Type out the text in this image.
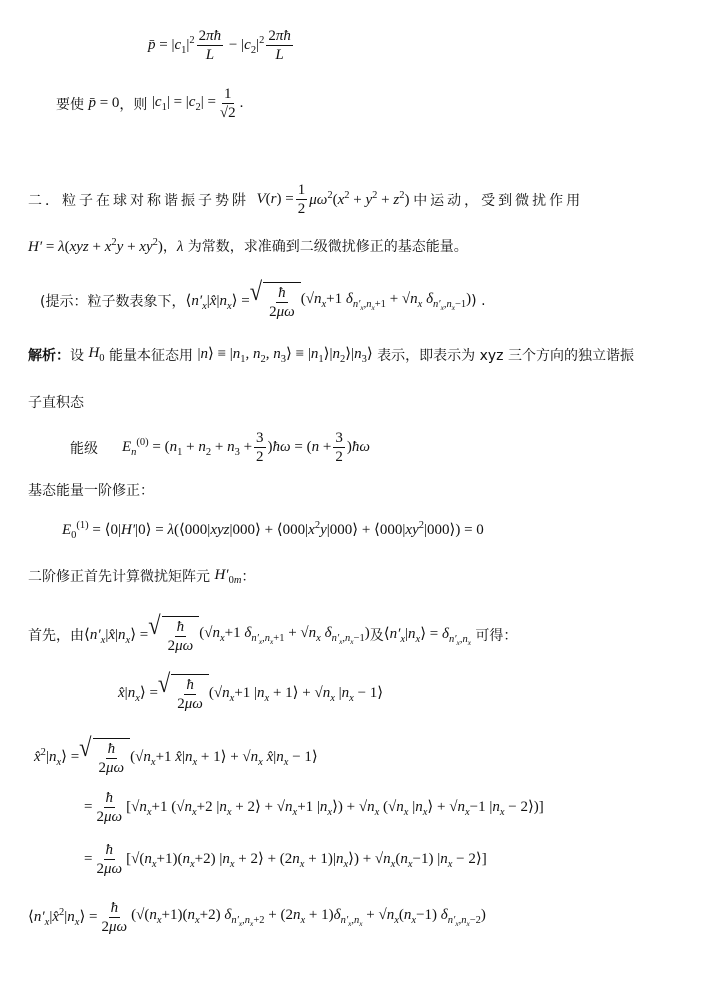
p̄ = $|c_1|^2 \frac{2\pi ħ}{L} - |c_2|^2 \frac{2\pi ħ}{L}$
要使 p̄ = 0 ，则 $|c_1| = |c_2| = \frac{1}{√2}$ .
二．粒子在球对称谐振子势阱 $V(r) = \frac{1}{2} \mu\omega^2(x^2 + y^2 + z^2)$ 中运动，受到微扰作用
$H' = \lambda(xyz + x^2y + xy^2)$ ，λ 为常数，求准确到二级微扰修正的基态能量。
(提示：粒子数表象下， $⟨n'_x|x̂|n_x⟩$ = √ $\frac{ħ}{2\mu\omega} (√n_x+1$ $\delta_{n'_x,n_x+1} + √n_x$ $\delta_{n'_x,n_x-1}$) ) .
解析： 设 $H_0$ 能量本征态用 |n⟩ ≡ $|n_1$, $n_2$, $n_3⟩$ ≡ $|n_1⟩|n_2⟩|n_3⟩$ 表示，即表示为 xyz 三个方向的独立谐振
子直积态
能级 $E_n^{(0)} = (n_1 + n_2 + n_3 + \frac{3}{2}$ )ħω = ($n + \frac{3}{2}$ )ħω
基态能量一阶修正：
$E_0^{(1)}$ = ⟨0|H′|0⟩ = λ(⟨000|xyz|000⟩ + $⟨000|x^2y|000⟩$ + $⟨000|xy^2|000⟩) = 0$
二阶修正首先计算微扰矩阵元 $H'_{0m}$ ：
首先，由 $⟨n'_x|x̂|n_x⟩$ = √ $\frac{ħ}{2\mu\omega} (√n_x+1$ $\delta_{n'_x,n_x+1} + √n_x$ $\delta_{n'_x,n_x-1}$) 及 $⟨n'_x|n_x⟩ = \delta_{n'_x,n_x}$ 可得：
$x̂|n_x⟩$ = √ $\frac{ħ}{2\mu\omega} (√n_x+1$ $|n_x$ + 1⟩ + $√n_x$ $|n_x$ − 1⟩
$x̂^2|n_x⟩$ = √ $\frac{ħ}{2\mu\omega} (√n_x+1$ $x̂|n_x$ + 1⟩ + $√n_x$ $x̂|n_x$ − 1⟩
= $\frac{ħ}{2\mu\omega} [√n_x+1$ ($√n_x+2$ $|n_x$ + 2⟩ + $√n_x+1$ $|n_x⟩) + √n_x$ ($√n_x$ $|n_x⟩ + √n_x-1$ $|n_x$ − 2⟩)]
= $\frac{ħ}{2\mu\omega} [√(n_x+1)(n_x+2) |n_x$ + 2⟩ + ($2n_x$ + $1)|n_x⟩) + √n_x(n_x-1)$ $|n_x$ − 2⟩]
$⟨n'_x|x̂^2|n_x⟩ = \frac{ħ}{2\mu\omega} (√(n_x+1)(n_x+2) \delta_{n'_x,n_x+2} + (2n_x + 1)\delta_{n'_x,n_x} + √n_x(n_x-1)$ $\delta_{n'_x,n_x-2}$)
